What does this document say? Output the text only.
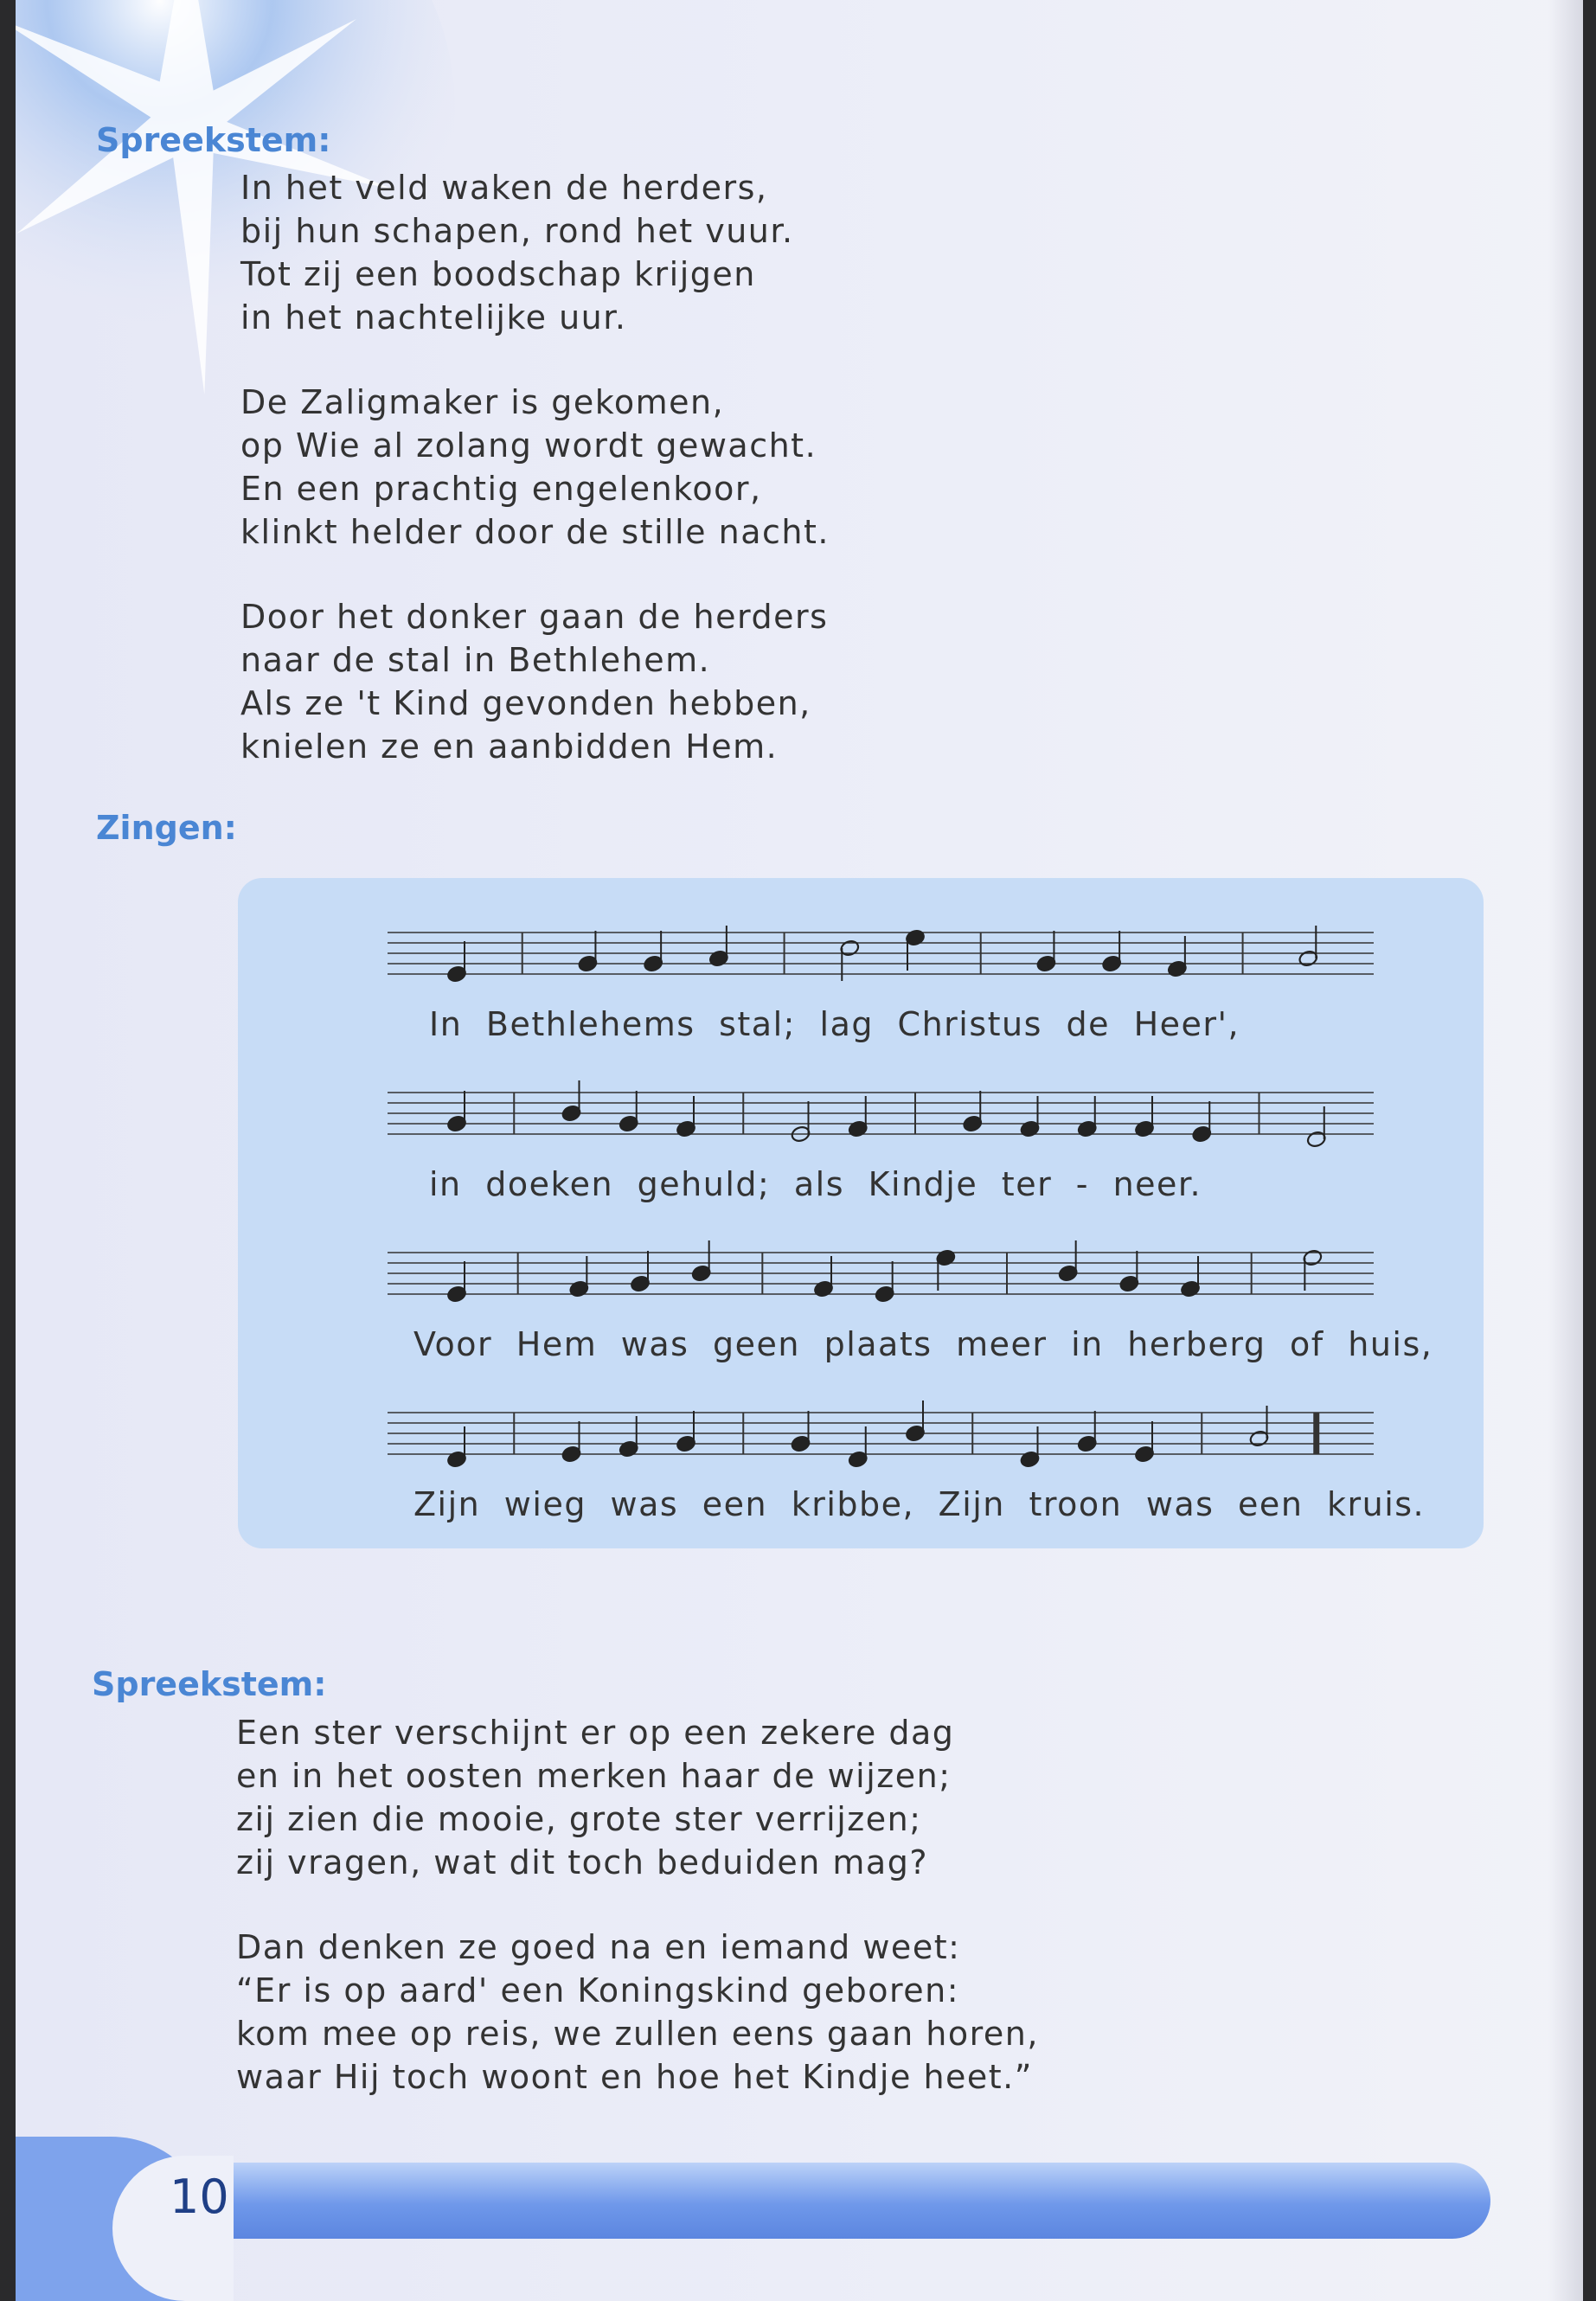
Spreekstem:
In het veld waken de herders,
bij hun schapen, rond het vuur.
Tot zij een boodschap krijgen
in het nachtelijke uur.
De Zaligmaker is gekomen,
op Wie al zolang wordt gewacht.
En een prachtig engelenkoor,
klinkt helder door de stille nacht.
Door het donker gaan de herders
naar de stal in Bethlehem.
Als ze 't Kind gevonden hebben,
knielen ze en aanbidden Hem.
Zingen:
In Bethlehems stal; lag Christus de Heer',
in doeken gehuld; als Kindje ter - neer.
Voor Hem was geen plaats meer in herberg of huis,
Zijn wieg was een kribbe, Zijn troon was een kruis.
Spreekstem:
Een ster verschijnt er op een zekere dag
en in het oosten merken haar de wijzen;
zij zien die mooie, grote ster verrijzen;
zij vragen, wat dit toch beduiden mag?
Dan denken ze goed na en iemand weet:
“Er is op aard' een Koningskind geboren:
kom mee op reis, we zullen eens gaan horen,
waar Hij toch woont en hoe het Kindje heet.”
10
